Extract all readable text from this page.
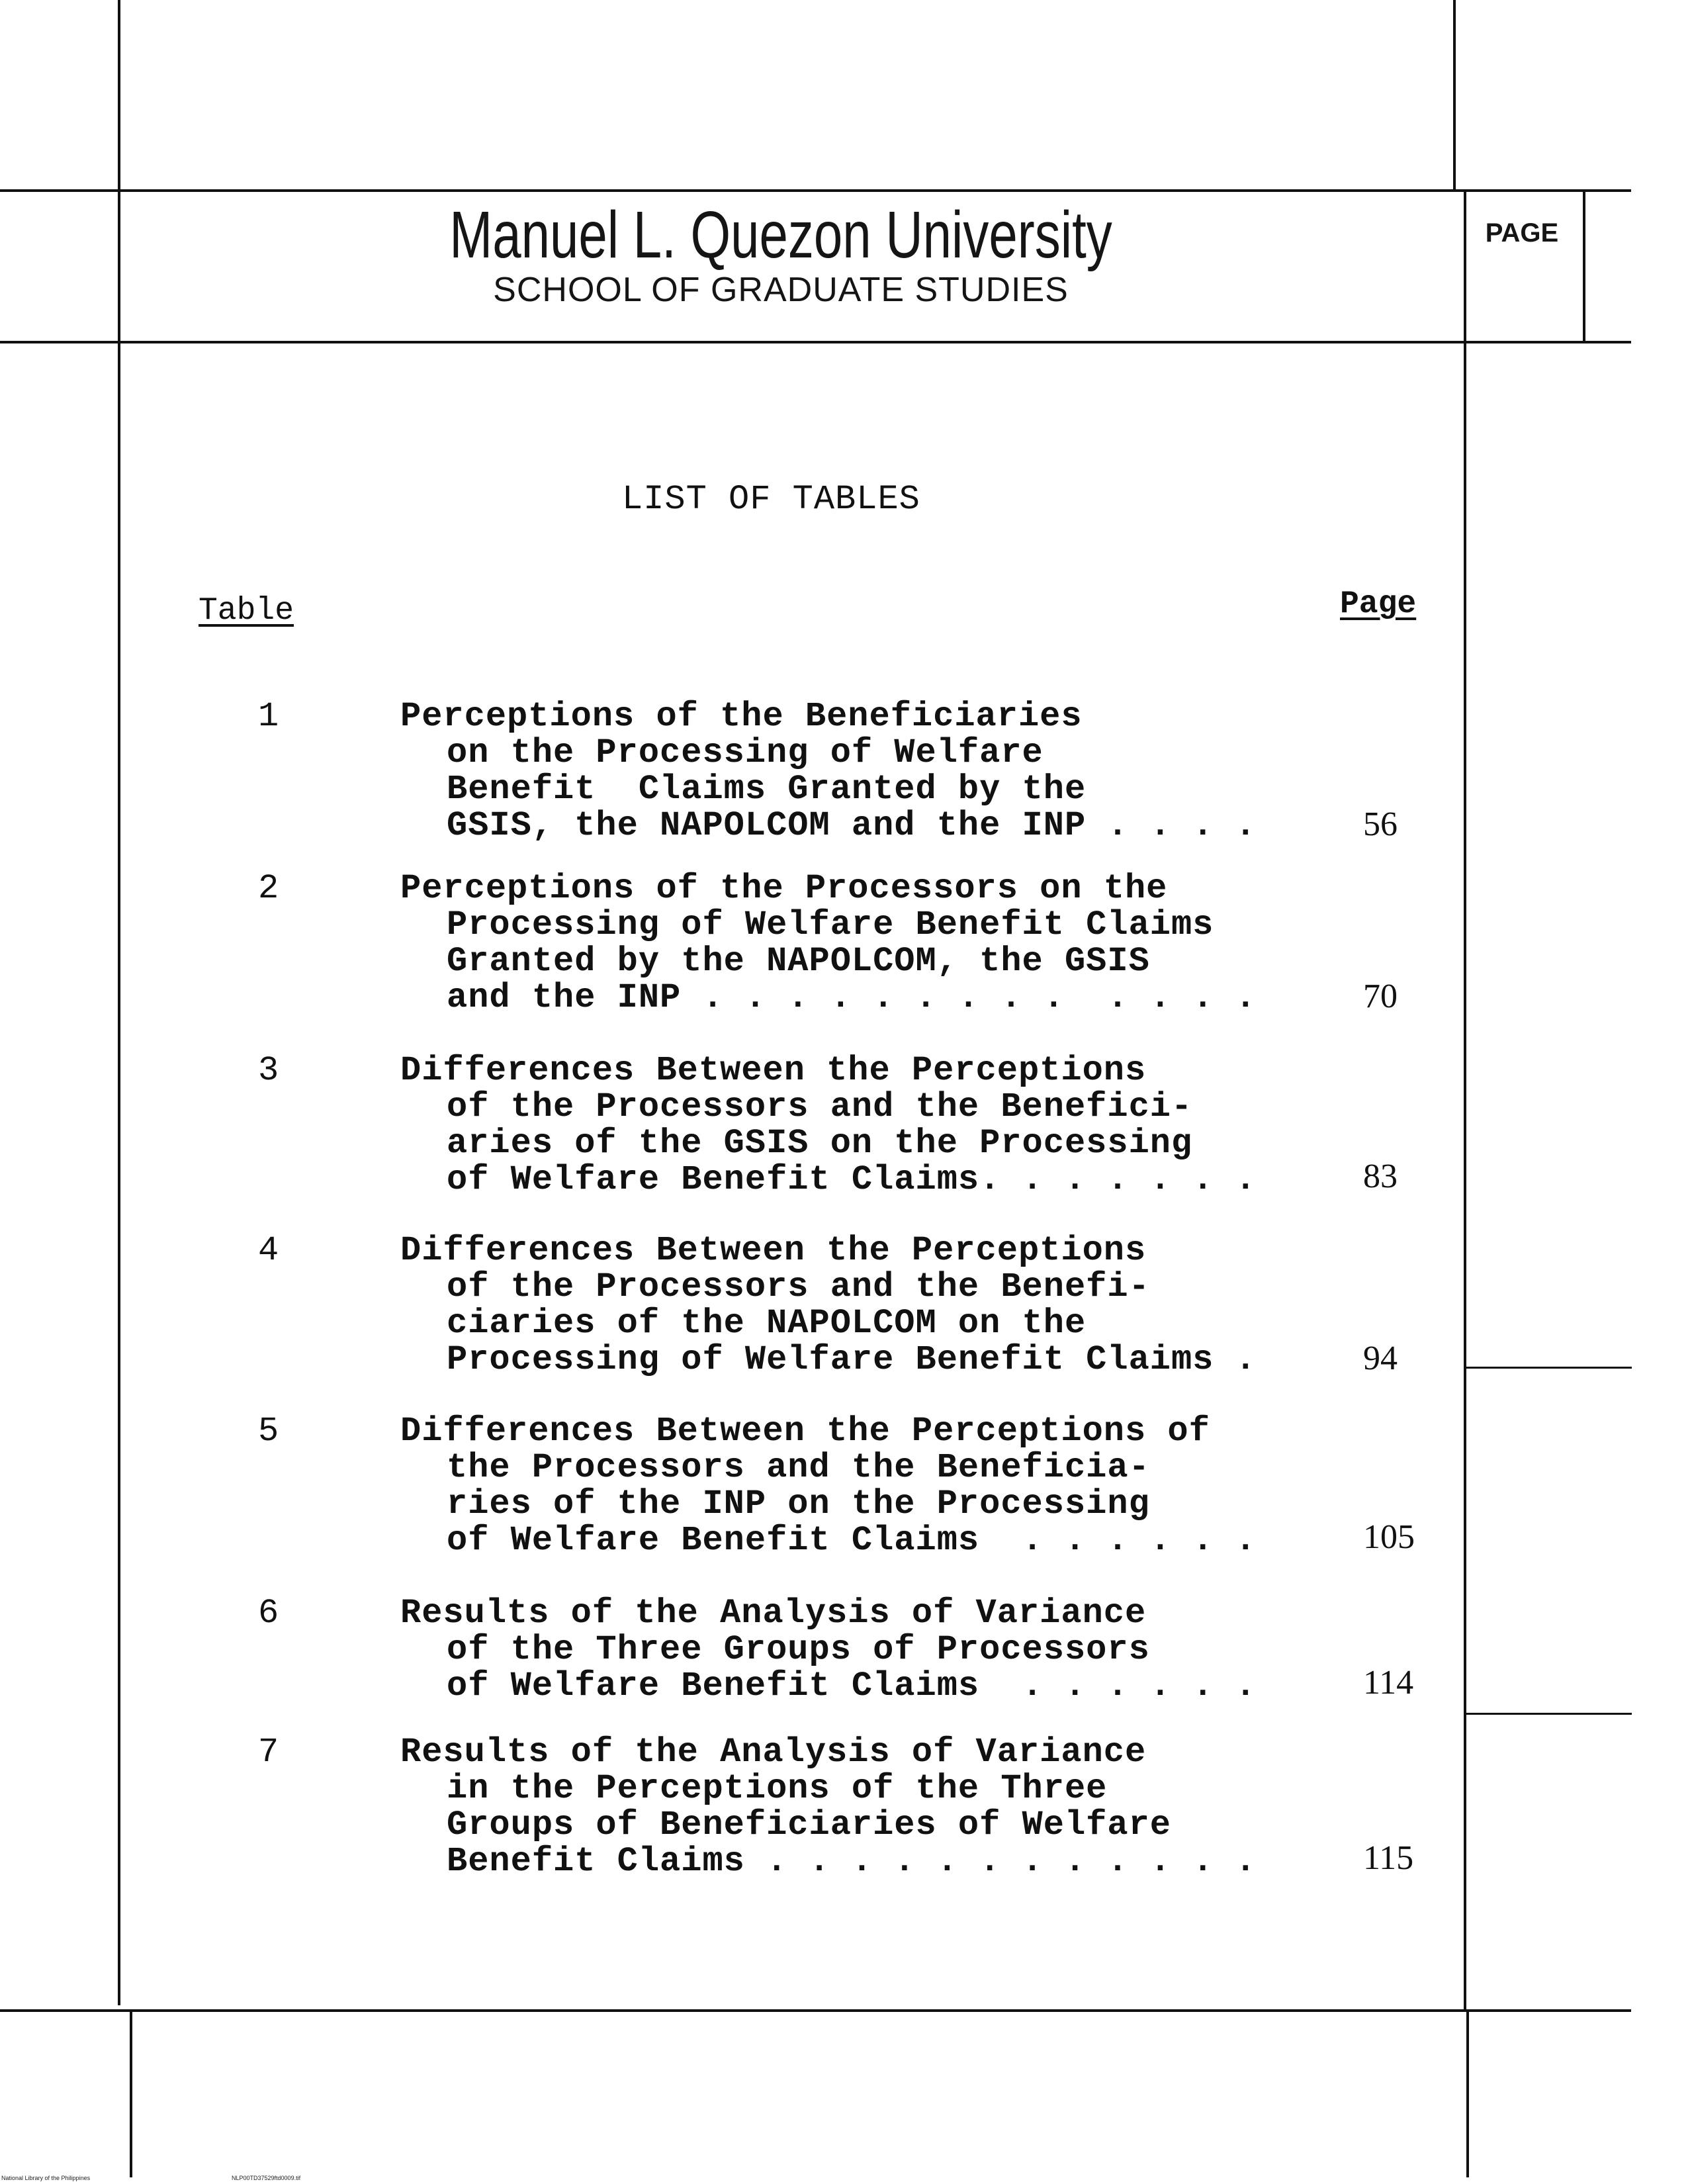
Manuel L. Quezon University
SCHOOL OF GRADUATE STUDIES
PAGE
LIST OF TABLES
Table	Page
1	Perceptions of the Beneficiaries
on the Processing of Welfare
Benefit  Claims Granted by the
GSIS, the NAPOLCOM and the INP . . . .	56
2	Perceptions of the Processors on the
Processing of Welfare Benefit Claims
Granted by the NAPOLCOM, the GSIS
and the INP . . . . . . . . .  . . . .	70
3	Differences Between the Perceptions
of the Processors and the Benefici-
aries of the GSIS on the Processing
of Welfare Benefit Claims. . . . . . .	83
4	Differences Between the Perceptions
of the Processors and the Benefi-
ciaries of the NAPOLCOM on the
Processing of Welfare Benefit Claims .	94
5	Differences Between the Perceptions of
the Processors and the Beneficia-
ries of the INP on the Processing
of Welfare Benefit Claims  . . . . . .	105
6	Results of the Analysis of Variance
of the Three Groups of Processors
of Welfare Benefit Claims  . . . . . .	114
7	Results of the Analysis of Variance
in the Perceptions of the Three
Groups of Beneficiaries of Welfare
Benefit Claims . . . . . . . . . . . .	115
National Library of the Philippines	NLP00TD37529ftd0009.tif
